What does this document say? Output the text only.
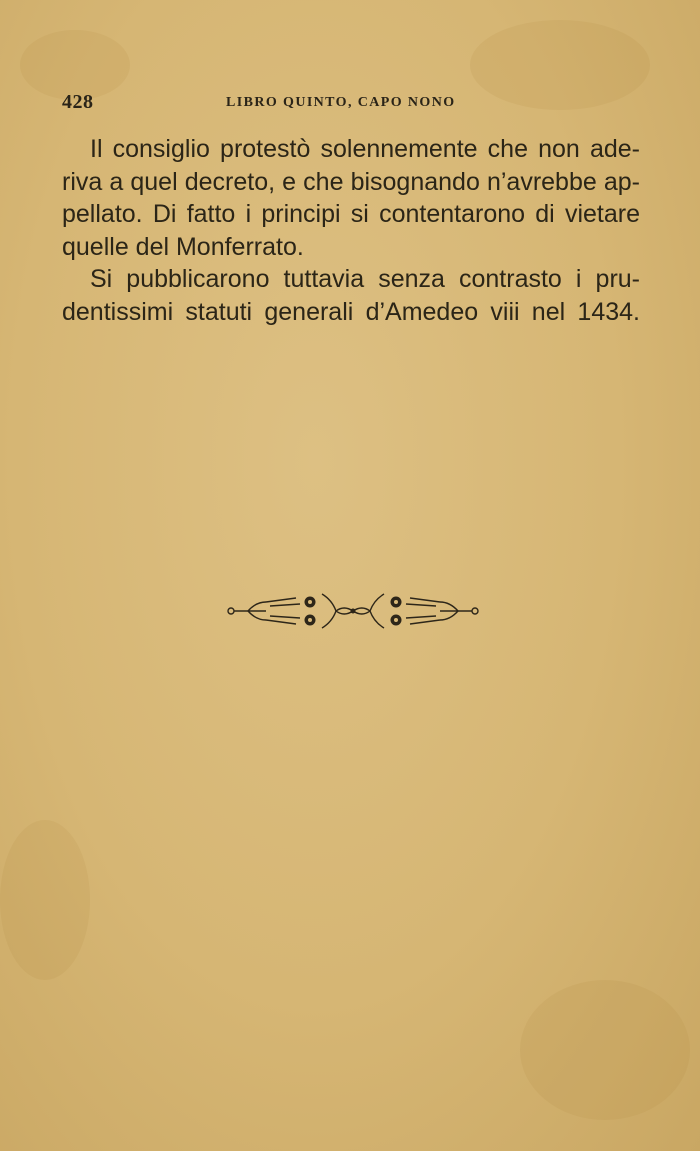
428	LIBRO QUINTO, CAPO NONO

Il consiglio protestò solennemente che non ade-
riva a quel decreto, e che bisognando n’avrebbe ap-
pellato. Di fatto i principi si contentarono di vietare
quelle del Monferrato.

Si pubblicarono tuttavia senza contrasto i pru-
dentissimi statuti generali d’Amedeo viii nel 1434.
